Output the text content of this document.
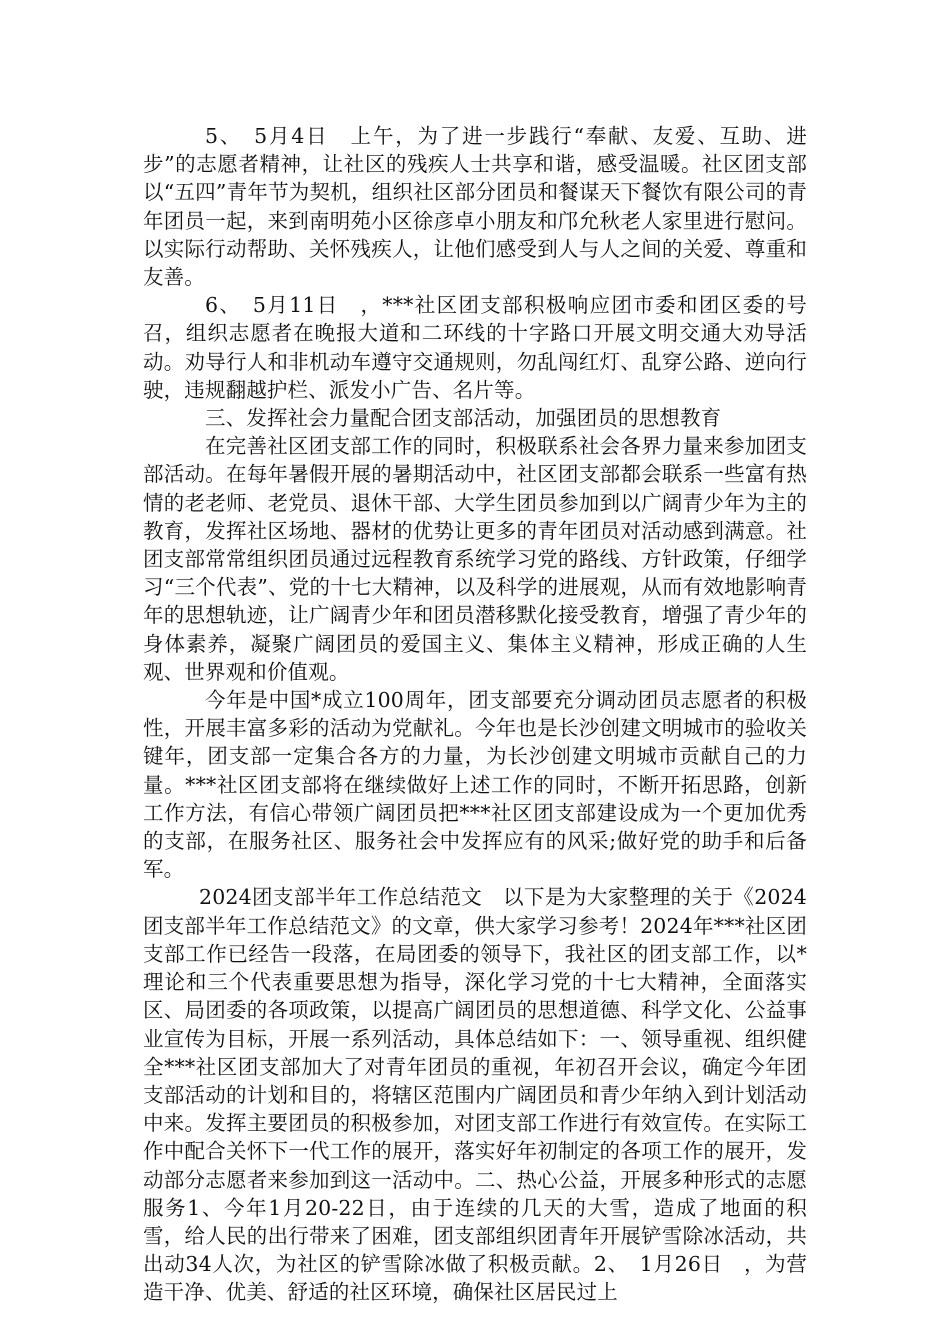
5、　5月4日　上午，为了进一步践行“奉献、友爱、互助、进步”的志愿者精神，让社区的残疾人士共享和谐，感受温暖。社区团支部以“五四”青年节为契机，组织社区部分团员和餐谋天下餐饮有限公司的青年团员一起，来到南明苑小区徐彦卓小朋友和邝允秋老人家里进行慰问。以实际行动帮助、关怀残疾人，让他们感受到人与人之间的关爱、尊重和友善。

6、　5月11日　，***社区团支部积极响应团市委和团区委的号召，组织志愿者在晚报大道和二环线的十字路口开展文明交通大劝导活动。劝导行人和非机动车遵守交通规则，勿乱闯红灯、乱穿公路、逆向行驶，违规翻越护栏、派发小广告、名片等。

三、发挥社会力量配合团支部活动，加强团员的思想教育

在完善社区团支部工作的同时，积极联系社会各界力量来参加团支部活动。在每年暑假开展的暑期活动中，社区团支部都会联系一些富有热情的老老师、老党员、退休干部、大学生团员参加到以广阔青少年为主的教育，发挥社区场地、器材的优势让更多的青年团员对活动感到满意。社团支部常常组织团员通过远程教育系统学习党的路线、方针政策，仔细学习“三个代表”、党的十七大精神，以及科学的进展观，从而有效地影响青年的思想轨迹，让广阔青少年和团员潜移默化接受教育，增强了青少年的身体素养，凝聚广阔团员的爱国主义、集体主义精神，形成正确的人生观、世界观和价值观。

今年是中国*成立100周年，团支部要充分调动团员志愿者的积极性，开展丰富多彩的活动为党献礼。今年也是长沙创建文明城市的验收关键年，团支部一定集合各方的力量，为长沙创建文明城市贡献自己的力量。***社区团支部将在继续做好上述工作的同时，不断开拓思路，创新工作方法，有信心带领广阔团员把***社区团支部建设成为一个更加优秀的支部，在服务社区、服务社会中发挥应有的风采;做好党的助手和后备军。

2024团支部半年工作总结范文　以下是为大家整理的关于《2024团支部半年工作总结范文》的文章，供大家学习参考！2024年***社区团支部工作已经告一段落，在局团委的领导下，我社区的团支部工作，以*理论和三个代表重要思想为指导，深化学习党的十七大精神，全面落实区、局团委的各项政策，以提高广阔团员的思想道德、科学文化、公益事业宣传为目标，开展一系列活动，具体总结如下：一、领导重视、组织健全***社区团支部加大了对青年团员的重视，年初召开会议，确定今年团支部活动的计划和目的，将辖区范围内广阔团员和青少年纳入到计划活动中来。发挥主要团员的积极参加，对团支部工作进行有效宣传。在实际工作中配合关怀下一代工作的展开，落实好年初制定的各项工作的展开，发动部分志愿者来参加到这一活动中。二、热心公益，开展多种形式的志愿服务1、今年1月20-22日，由于连续的几天的大雪，造成了地面的积雪，给人民的出行带来了困难，团支部组织团青年开展铲雪除冰活动，共出动34人次，为社区的铲雪除冰做了积极贡献。2、　1月26日　，为营造干净、优美、舒适的社区环境，确保社区居民过上
